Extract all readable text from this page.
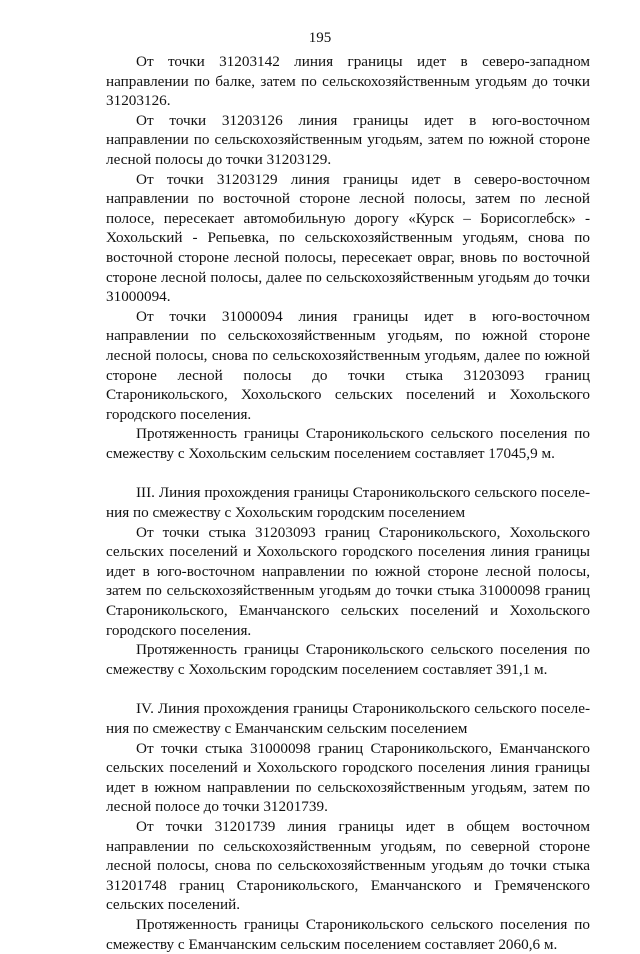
195

От точки 31203142 линия границы идет в северо-западном направлении по балке, затем по сельскохозяйственным угодьям до точки 31203126.

От точки 31203126 линия границы идет в юго-восточном направлении по сельскохозяйственным угодьям, затем по южной стороне лесной полосы до точки 31203129.

От точки 31203129 линия границы идет в северо-восточном направлении по восточной стороне лесной полосы, затем по лесной полосе, пересекает автомобильную дорогу «Курск – Борисоглебск» - Хохольский - Репьевка, по сельскохозяйственным угодьям, снова по восточной стороне лесной полосы, пересекает овраг, вновь по восточной стороне лесной полосы, далее по сельскохозяйственным угодьям до точки 31000094.

От точки 31000094 линия границы идет в юго-восточном направлении по сельскохозяйственным угодьям, по южной стороне лесной полосы, снова по сельскохозяйственным угодьям, далее по южной стороне лесной полосы до точки стыка 31203093 границ Староникольского, Хохольского сельских поселений и Хохольского городского поселения.

Протяженность границы Староникольского сельского поселения по смежеству с Хохольским сельским поселением составляет 17045,9 м.

III. Линия прохождения границы Староникольского сельского поселения по смежеству с Хохольским городским поселением

От точки стыка 31203093 границ Староникольского, Хохольского сельских поселений и Хохольского городского поселения линия границы идет в юго-восточном направлении по южной стороне лесной полосы, затем по сельскохозяйственным угодьям до точки стыка 31000098 границ Староникольского, Еманчанского сельских поселений и Хохольского городского поселения.

Протяженность границы Староникольского сельского поселения по смежеству с Хохольским городским поселением составляет 391,1 м.

IV. Линия прохождения границы Староникольского сельского поселения по смежеству с Еманчанским сельским поселением

От точки стыка 31000098 границ Староникольского, Еманчанского сельских поселений и Хохольского городского поселения линия границы идет в южном направлении по сельскохозяйственным угодьям, затем по лесной полосе до точки 31201739.

От точки 31201739 линия границы идет в общем восточном направлении по сельскохозяйственным угодьям, по северной стороне лесной полосы, снова по сельскохозяйственным угодьям до точки стыка 31201748 границ Староникольского, Еманчанского и Гремяченского сельских поселений.

Протяженность границы Староникольского сельского поселения по смежеству с Еманчанским сельским поселением составляет 2060,6 м.
